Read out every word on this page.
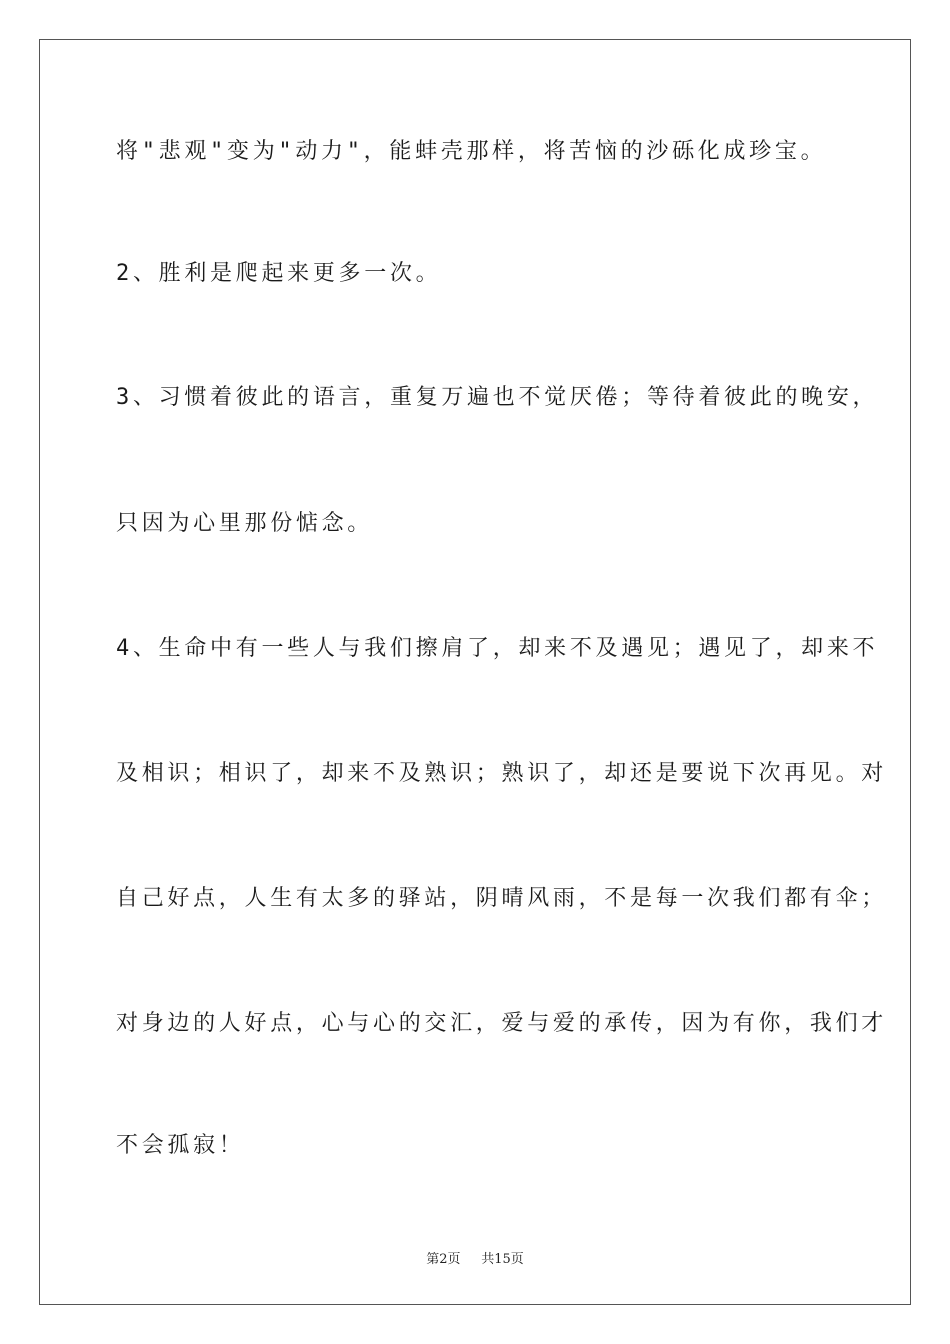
将"悲观"变为"动力"，能蚌壳那样，将苦恼的沙砾化成珍宝。

2、胜利是爬起来更多一次。

3、习惯着彼此的语言，重复万遍也不觉厌倦；等待着彼此的晚安，

只因为心里那份惦念。

4、生命中有一些人与我们擦肩了，却来不及遇见；遇见了，却来不

及相识；相识了，却来不及熟识；熟识了，却还是要说下次再见。对

自己好点，人生有太多的驿站，阴晴风雨，不是每一次我们都有伞；

对身边的人好点，心与心的交汇，爱与爱的承传，因为有你，我们才

不会孤寂！

第2页 共15页
